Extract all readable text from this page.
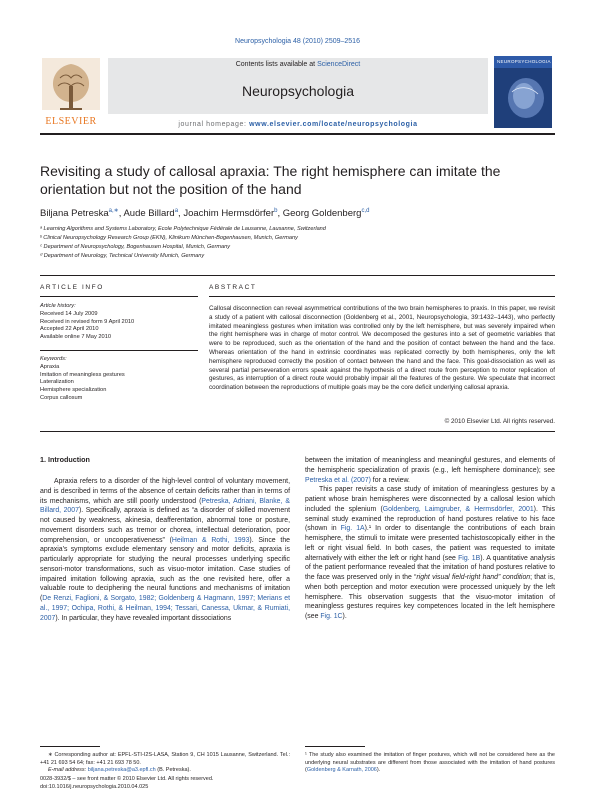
Neuropsychologia 48 (2010) 2509–2516
Contents lists available at ScienceDirect
Neuropsychologia
ELSEVIER
NEUROPSYCHOLOGIA
journal homepage: www.elsevier.com/locate/neuropsychologia
Revisiting a study of callosal apraxia: The right hemisphere can imitate the orientation but not the position of the hand
Biljana Petreska$^{a,∗}$, Aude Billard$^a$, Joachim Hermsdörfer$^b$, Georg Goldenberg$^{c,d}$
ᵃ Learning Algorithms and Systems Laboratory, Ecole Polytechnique Fédérale de Lausanne, Lausanne, Switzerland
ᵇ Clinical Neuropsychology Research Group (EKN), Klinikum München-Bogenhausen, Munich, Germany
ᶜ Department of Neuropsychology, Bogenhausen Hospital, Munich, Germany
ᵈ Department of Neurology, Technical University Munich, Germany
ARTICLE INFO	ABSTRACT
Article history:
Received 14 July 2009
Received in revised form 9 April 2010
Accepted 22 April 2010
Available online 7 May 2010
Keywords:
Apraxia
Imitation of meaningless gestures
Lateralization
Hemisphere specialization
Corpus callosum
Callosal disconnection can reveal asymmetrical contributions of the two brain hemispheres to praxis. In this paper, we revisit a study of a patient with callosal disconnection (Goldenberg et al., 2001, Neuropsychologia, 39:1432–1443), who perfectly imitated meaningless gestures when imitation was controlled only by the left hemisphere, but was severely impaired when the right hemisphere was in charge of motor control. We decomposed the gestures into a set of geometric variables that were to be reproduced, such as the orientation of the hand and the position of contact between the hand and the face. Whereas orientation of the hand in extrinsic coordinates was replicated correctly by both hemispheres, only the left hemisphere reproduced correctly the position of contact between the hand and the face. This goal-dissociation as well as several partial perseveration errors speak against the hypothesis of a direct route from perception to motor replication of gestures, as interruption of a direct route would probably impair all the features of the gesture. We speculate that incorrect coordination between the reproductions of multiple goals may be the core deficit underlying callosal apraxia.
© 2010 Elsevier Ltd. All rights reserved.
1. Introduction

Apraxia refers to a disorder of the high-level control of voluntary movement, and is described in terms of the absence of certain deficits rather than in terms of its mechanisms, which are still poorly understood (Petreska, Adriani, Blanke, & Billard, 2007). Specifically, apraxia is defined as “a disorder of skilled movement not caused by weakness, akinesia, deafferentation, abnormal tone or posture, movement disorders such as tremor or chorea, intellectual deterioration, poor comprehension, or uncooperativeness” (Heilman & Rothi, 1993). Since the apraxia’s symptoms exclude elementary sensory and motor deficits, apraxia is particularly appropriate for studying the neural processes underlying specific sensori-motor transformations, such as visuo-motor imitation. Case studies of impaired imitation following apraxia, such as the one revisited here, offer a valuable route to deciphering the neural functions and mechanisms of imitation (De Renzi, Faglioni, & Sorgato, 1982; Goldenberg & Hagmann, 1997; Merians et al., 1997; Ochipa, Rothi, & Heilman, 1994; Tessari, Canessa, Ukmar, & Rumiati, 2007). In particular, they have revealed important dissociations

between the imitation of meaningless and meaningful gestures, and elements of the hemispheric specialization of praxis (e.g., left hemisphere dominance); see Petreska et al. (2007) for a review.

This paper revisits a case study of imitation of meaningless gestures by a patient whose brain hemispheres were disconnected by a callosal lesion which included the splenium (Goldenberg, Laimgruber, & Hermsdörfer, 2001). This seminal study examined the reproduction of hand postures relative to his face (shown in Fig. 1A).¹ In order to disentangle the contributions of each brain hemisphere, the stimuli to imitate were presented tachistoscopically either in the left or right visual field. In both cases, the patient was requested to imitate alternatively with either the left or right hand (see Fig. 1B). A quantitative analysis of the patient performance revealed that the imitation of hand postures relative to the face was preserved only in the “right visual field-right hand” condition; that is, when both perception and motor execution were processed uniquely by the left hemisphere. This observation suggests that the visuo-motor imitation of meaningless gestures requires key competences located in the left hemisphere (see Fig. 1C).

∗ Corresponding author at: EPFL-STI-I2S-LASA, Station 9, CH 1015 Lausanne, Switzerland. Tel.: +41 21 693 54 64; fax: +41 21 693 78 50.
E-mail address: biljana.petreska@a3.epfl.ch (B. Petreska).
¹ The study also examined the imitation of finger postures, which will not be considered here as the underlying neural substrates are different from those associated with the imitation of hand postures (Goldenberg & Karnath, 2006).
0028-3932/$ – see front matter © 2010 Elsevier Ltd. All rights reserved.
doi:10.1016/j.neuropsychologia.2010.04.025
